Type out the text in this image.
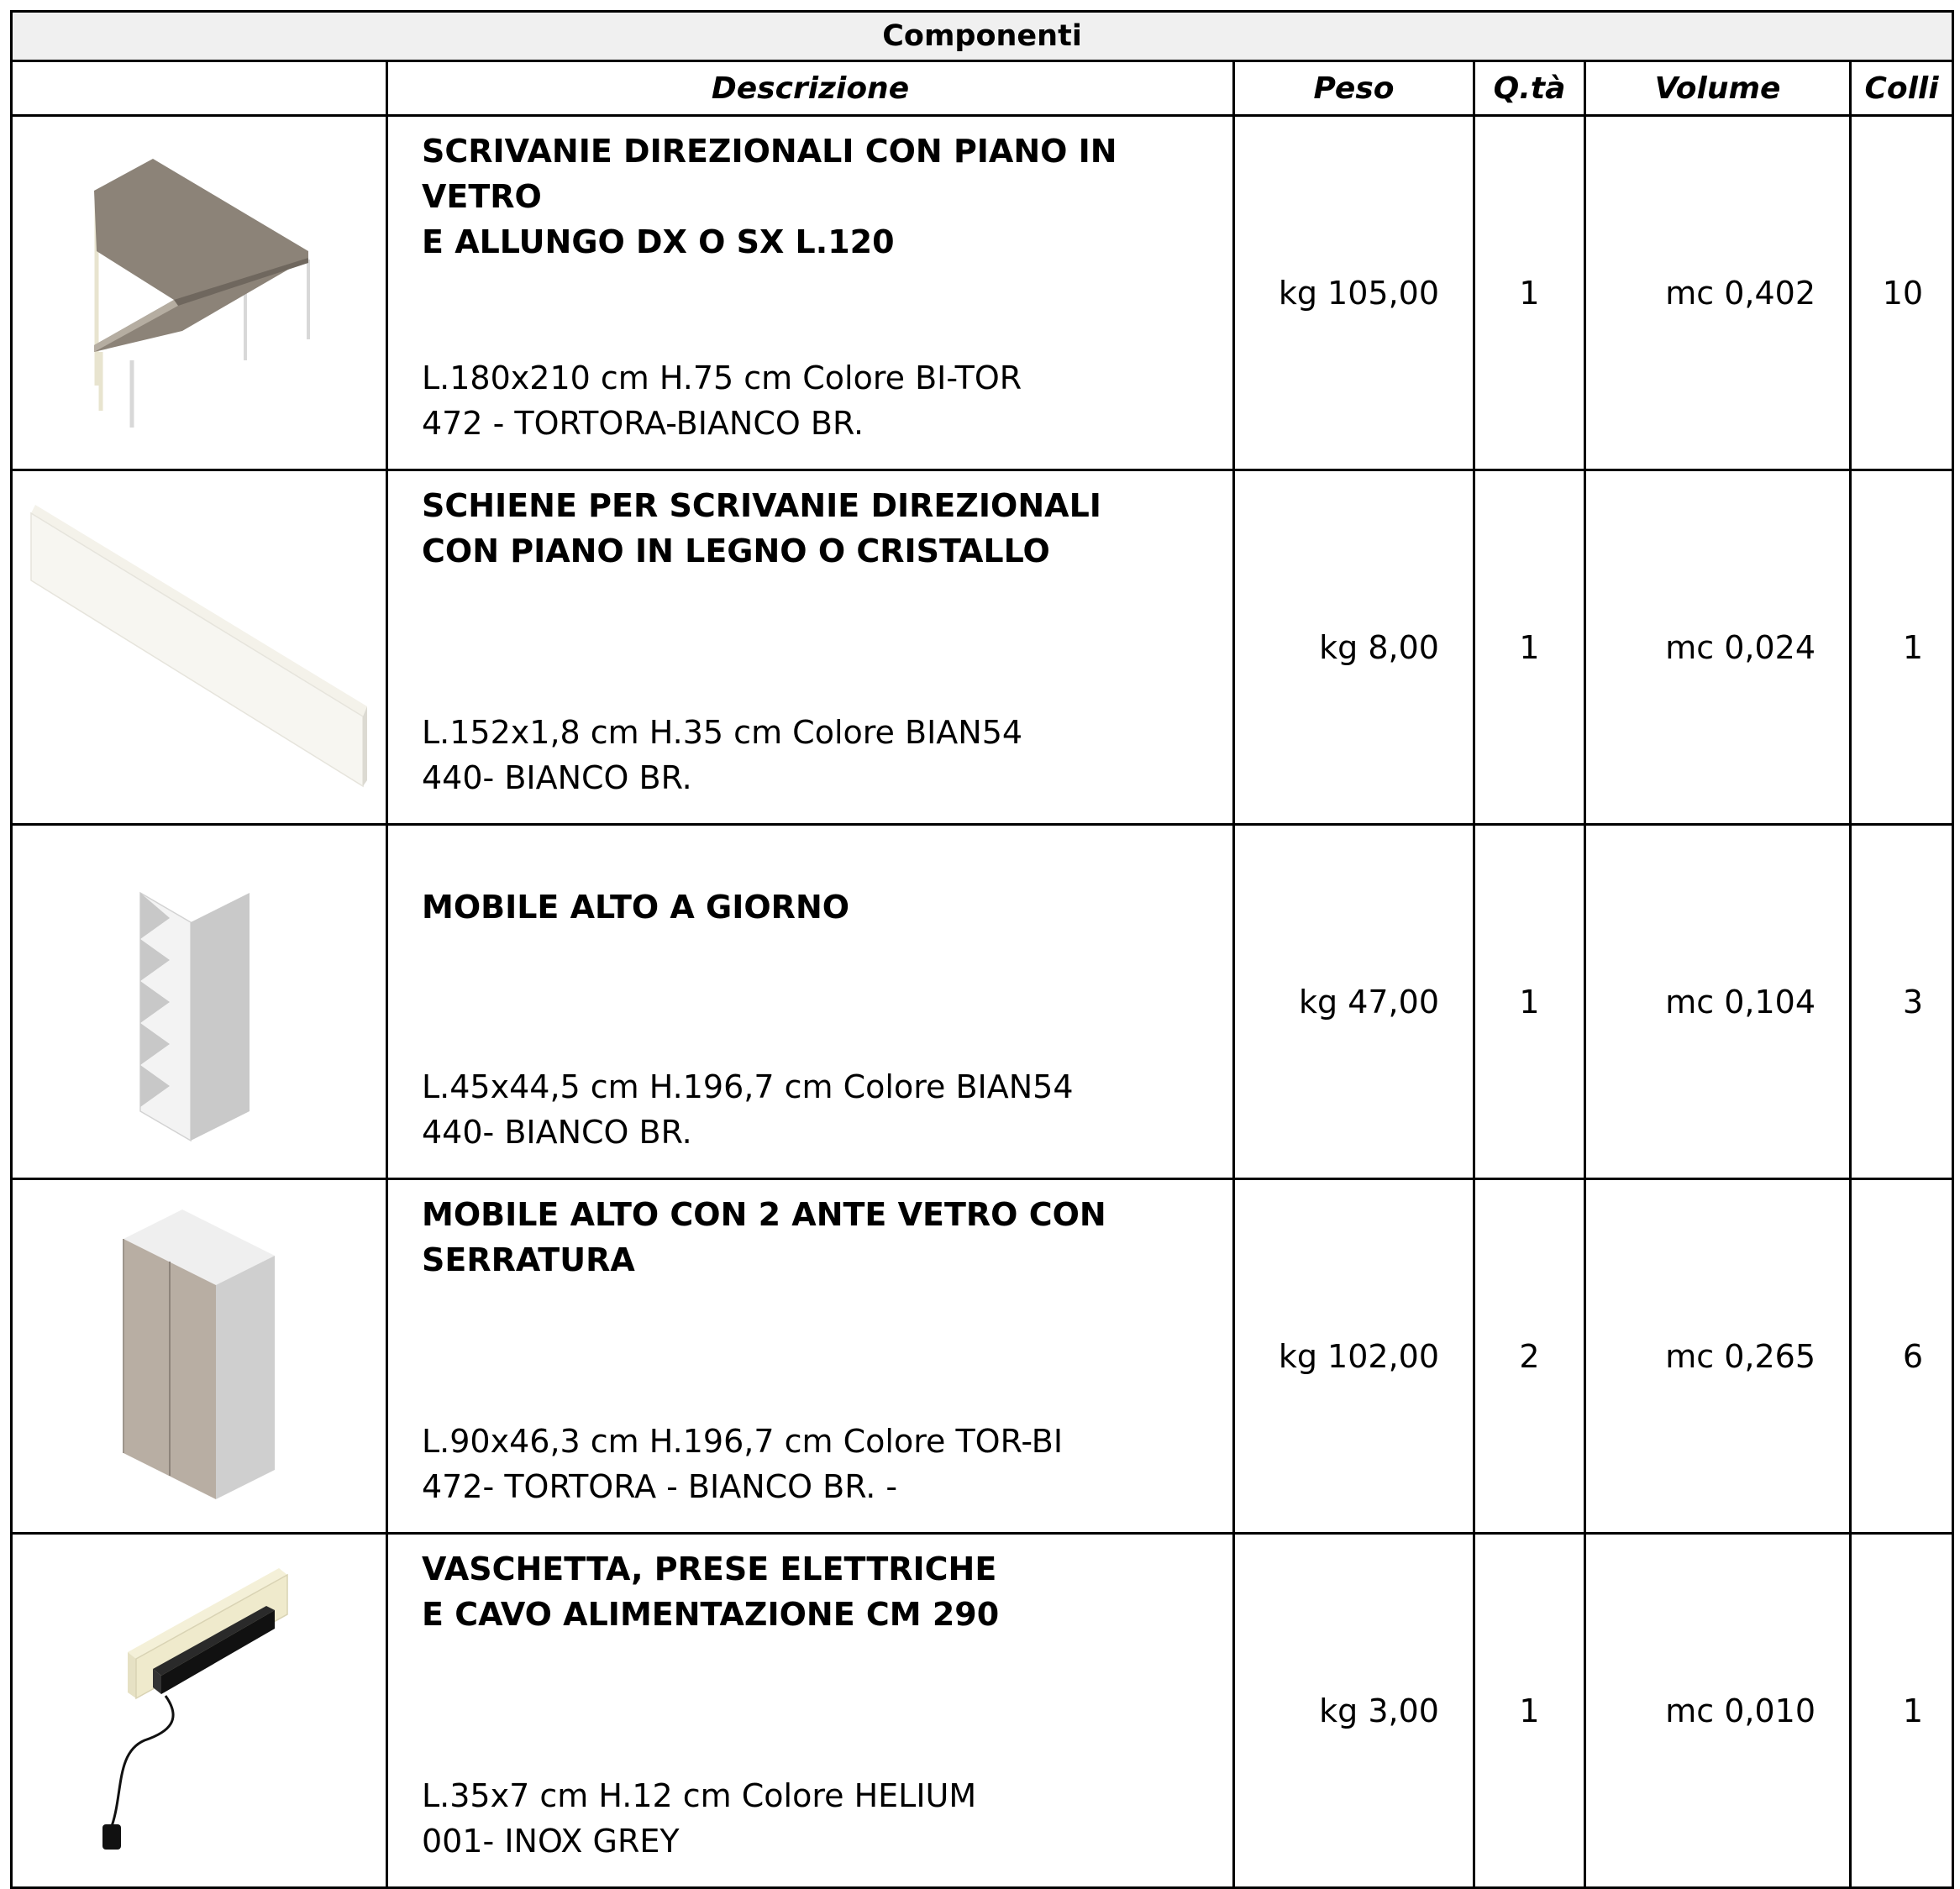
Componenti					
	Descrizione	Peso	Q.tà	Volume	Colli

SCRIVANIE DIREZIONALI CON PIANO IN
VETRO
E ALLUNGO DX O SX L.120
L.180x210 cm H.75 cm Colore BI-TOR
472 - TORTORA-BIANCO BR.	kg 105,00	1	mc 0,402	10

SCHIENE PER SCRIVANIE DIREZIONALI
CON PIANO IN LEGNO O CRISTALLO
L.152x1,8 cm H.35 cm Colore BIAN54
440- BIANCO BR.	kg 8,00	1	mc 0,024	1

MOBILE ALTO A GIORNO
L.45x44,5 cm H.196,7 cm Colore BIAN54
440- BIANCO BR.	kg 47,00	1	mc 0,104	3

MOBILE ALTO CON 2 ANTE VETRO CON
SERRATURA
L.90x46,3 cm H.196,7 cm Colore TOR-BI
472- TORTORA - BIANCO BR. -	kg 102,00	2	mc 0,265	6

VASCHETTA, PRESE ELETTRICHE
E CAVO ALIMENTAZIONE CM 290
L.35x7 cm H.12 cm Colore HELIUM
001- INOX GREY	kg 3,00	1	mc 0,010	1
